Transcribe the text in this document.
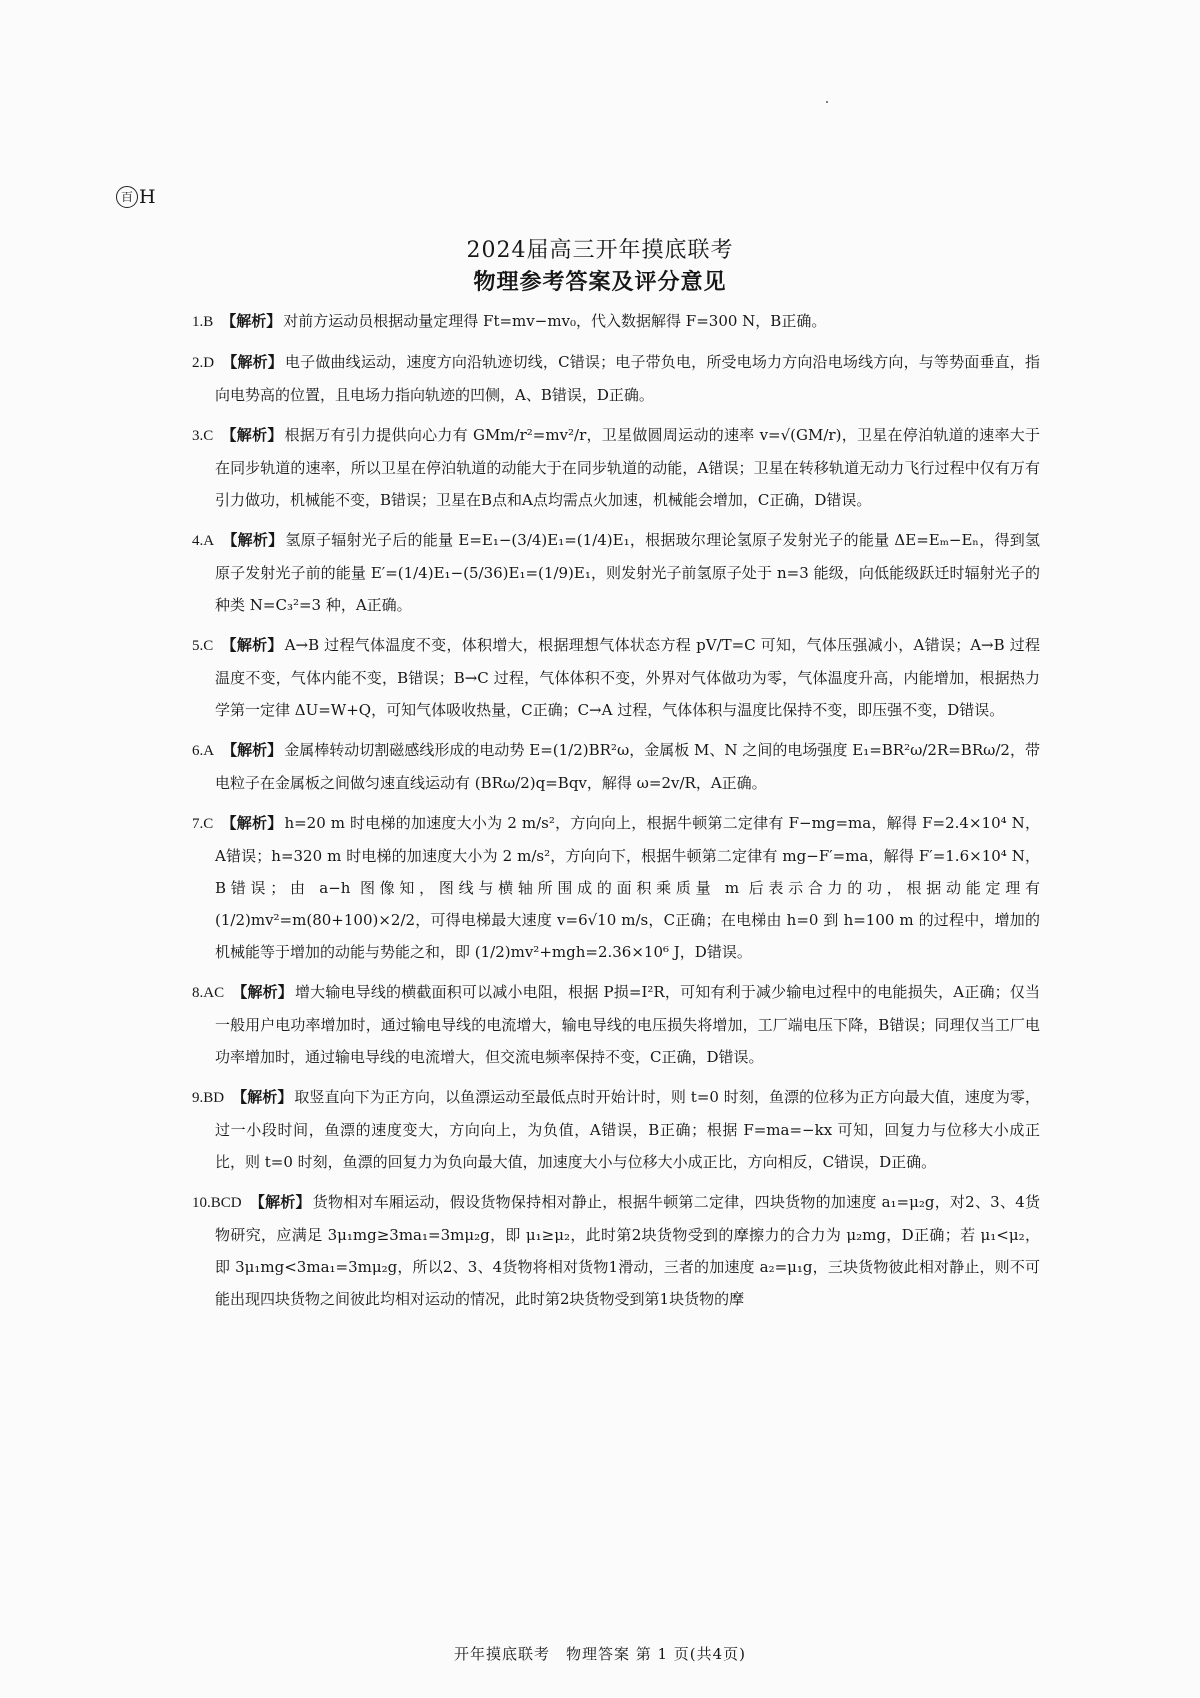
百 H
2024届高三开年摸底联考
物理参考答案及评分意见

1.B 【解析】 对前方运动员根据动量定理得 Ft=mv−mv₀，代入数据解得 F=300 N，B正确。

2.D 【解析】 电子做曲线运动，速度方向沿轨迹切线，C错误；电子带负电，所受电场力方向沿电场线方向，与等势面垂直，指向电势高的位置，且电场力指向轨迹的凹侧，A、B错误，D正确。

3.C 【解析】 根据万有引力提供向心力有 GMm/r²=mv²/r，卫星做圆周运动的速率 v=√(GM/r)，卫星在停泊轨道的速率大于在同步轨道的速率，所以卫星在停泊轨道的动能大于在同步轨道的动能，A错误；卫星在转移轨道无动力飞行过程中仅有万有引力做功，机械能不变，B错误；卫星在B点和A点均需点火加速，机械能会增加，C正确，D错误。

4.A 【解析】 氢原子辐射光子后的能量 E=E₁−(3/4)E₁=(1/4)E₁，根据玻尔理论氢原子发射光子的能量 ΔE=Eₘ−Eₙ，得到氢原子发射光子前的能量 E′=(1/4)E₁−(5/36)E₁=(1/9)E₁，则发射光子前氢原子处于 n=3 能级，向低能级跃迁时辐射光子的种类 N=C₃²=3 种，A正确。

5.C 【解析】 A→B 过程气体温度不变，体积增大，根据理想气体状态方程 pV/T=C 可知，气体压强减小，A错误；A→B 过程温度不变，气体内能不变，B错误；B→C 过程，气体体积不变，外界对气体做功为零，气体温度升高，内能增加，根据热力学第一定律 ΔU=W+Q，可知气体吸收热量，C正确；C→A 过程，气体体积与温度比保持不变，即压强不变，D错误。

6.A 【解析】 金属棒转动切割磁感线形成的电动势 E=(1/2)BR²ω，金属板 M、N 之间的电场强度 E₁=BR²ω/2R=BRω/2，带电粒子在金属板之间做匀速直线运动有 (BRω/2)q=Bqv，解得 ω=2v/R，A正确。

7.C 【解析】 h=20 m 时电梯的加速度大小为 2 m/s²，方向向上，根据牛顿第二定律有 F−mg=ma，解得 F=2.4×10⁴ N，A错误；h=320 m 时电梯的加速度大小为 2 m/s²，方向向下，根据牛顿第二定律有 mg−F′=ma，解得 F′=1.6×10⁴ N，B错误；由 a−h 图像知，图线与横轴所围成的面积乘质量 m 后表示合力的功，根据动能定理有 (1/2)mv²=m(80+100)×2/2，可得电梯最大速度 v=6√10 m/s，C正确；在电梯由 h=0 到 h=100 m 的过程中，增加的机械能等于增加的动能与势能之和，即 (1/2)mv²+mgh=2.36×10⁶ J，D错误。

8.AC 【解析】 增大输电导线的横截面积可以减小电阻，根据 P损=I²R，可知有利于减少输电过程中的电能损失，A正确；仅当一般用户电功率增加时，通过输电导线的电流增大，输电导线的电压损失将增加，工厂端电压下降，B错误；同理仅当工厂电功率增加时，通过输电导线的电流增大，但交流电频率保持不变，C正确，D错误。

9.BD 【解析】 取竖直向下为正方向，以鱼漂运动至最低点时开始计时，则 t=0 时刻，鱼漂的位移为正方向最大值，速度为零，过一小段时间，鱼漂的速度变大，方向向上，为负值，A错误，B正确；根据 F=ma=−kx 可知，回复力与位移大小成正比，则 t=0 时刻，鱼漂的回复力为负向最大值，加速度大小与位移大小成正比，方向相反，C错误，D正确。

10.BCD 【解析】 货物相对车厢运动，假设货物保持相对静止，根据牛顿第二定律，四块货物的加速度 a₁=μ₂g，对2、3、4货物研究，应满足 3μ₁mg≥3ma₁=3mμ₂g，即 μ₁≥μ₂，此时第2块货物受到的摩擦力的合力为 μ₂mg，D正确；若 μ₁<μ₂，即 3μ₁mg<3ma₁=3mμ₂g，所以2、3、4货物将相对货物1滑动，三者的加速度 a₂=μ₁g，三块货物彼此相对静止，则不可能出现四块货物之间彼此均相对运动的情况，此时第2块货物受到第1块货物的摩

开年摸底联考　物理答案 第 1 页(共4页)
